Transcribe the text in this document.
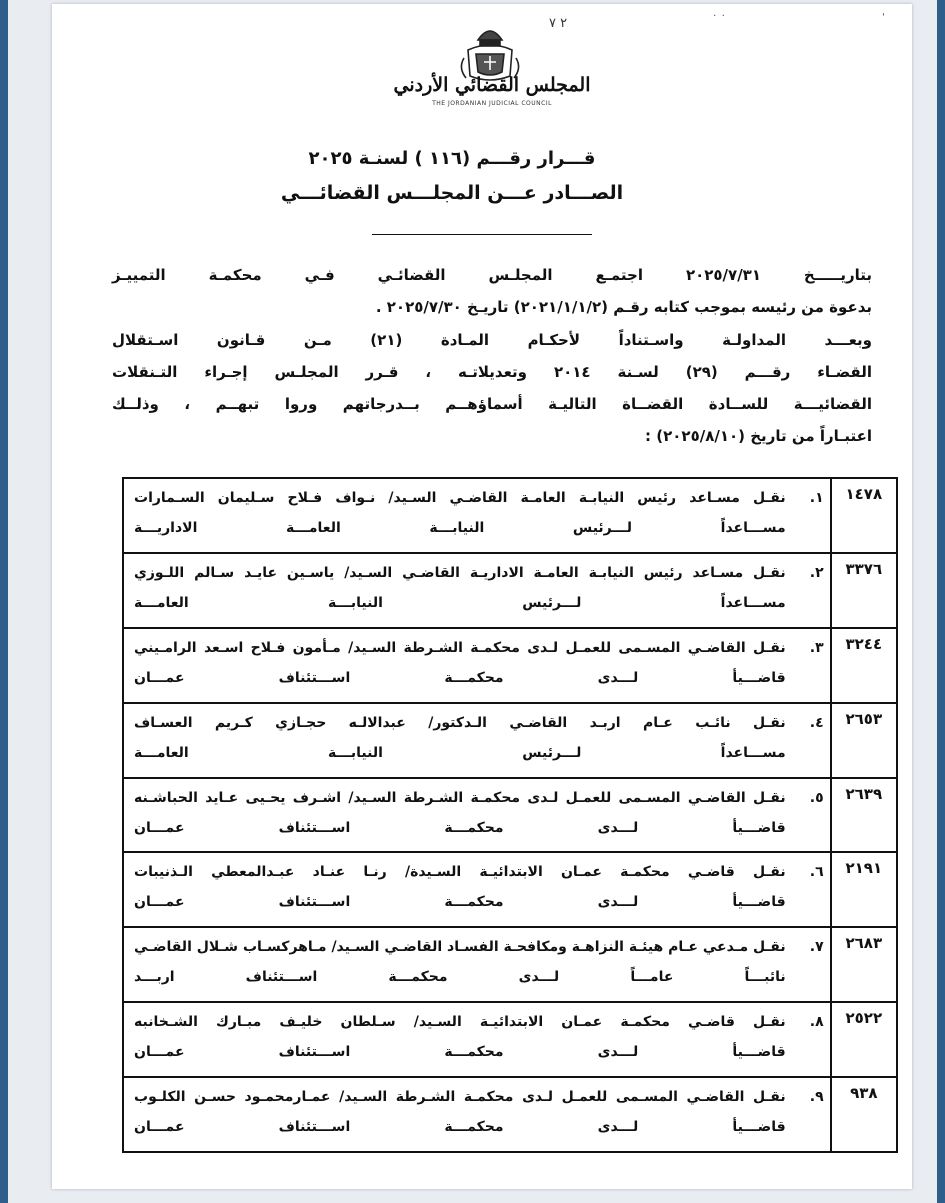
٢ ٧
٠ ٠	'
المجلس القضائي الأردني
THE JORDANIAN JUDICIAL COUNCIL
قـــرار رقـــم (١١٦ ) لسنـة ٢٠٢٥
الصـــادر عـــن المجلـــس القضائـــي
بتاريـــــخ ٢٠٢٥/٧/٣١ اجتمـع المجلـس القضائـي فـي محكمـة التمييـز
بدعوة من رئيسه بموجب كتابه رقـم (٢٠٢١/١/١/٢) تاريـخ ٢٠٢٥/٧/٣٠ .
وبعـــد المداولـة واسـتناداً لأحكـام المـادة (٢١) مـن قـانون اسـتقلال
القضـاء رقـــم (٢٩) لسـنة ٢٠١٤ وتعديلاتـه ، قـرر المجلـس إجـراء التـنقلات
القضائيـــة للســادة القضــاة التاليـة أسماؤهــم بــدرجاتهم وروا تبهــم ، وذلــك
اعتبـاراً من تاريخ (٢٠٢٥/٨/١٠) :
١٤٧٨	١.
نقـل مسـاعد رئيس النيابـة العامـة القاضـي السـيد/ نـواف فـلاح سـليمان السـمارات
مســـاعداً لـــرئيس النيابـــة العامـــة الاداريـــة

٣٣٧٦	٢.
نقـل مسـاعد رئيس النيابـة العامـة الاداريـة القاضـي السـيد/ ياسـين عايـد سـالم اللـوزي
مســـاعداً لـــرئيس النيابـــة العامـــة

٣٢٤٤	٣.
نقـل القاضـي المسـمى للعمـل لـدى محكمـة الشـرطة السـيد/ مـأمون فـلاح اسـعد الرامـيني
قاضـــيأ لـــدى محكمـــة اســـتئناف عمـــان

٢٦٥٣	٤.
نقـل نائـب عـام اربـد القاضـي الـدكتور/ عبدالالـه حجـازي كـريم العسـاف
مســـاعداً لـــرئيس النيابـــة العامـــة

٢٦٣٩	٥.
نقـل القاضـي المسـمى للعمـل لـدى محكمـة الشـرطة السـيد/ اشـرف يحـيى عـايد الحباشـنه
قاضـــيأ لـــدى محكمـــة اســـتئناف عمـــان

٢١٩١	٦.
نقـل قاضـي محكمـة عمـان الابتدائيـة السـيدة/ رنـا عنـاد عبـدالمعطي الـذنيبات
قاضـــيأ لـــدى محكمـــة اســـتئناف عمـــان

٢٦٨٣	٧.
نقـل مـدعي عـام هيئـة النزاهـة ومكافحـة الفسـاد القاضـي السـيد/ مـاهركسـاب شـلال القاضـي
نائبـــاً عامـــاً لـــدى محكمـــة اســـتئناف اربـــد

٢٥٢٢	٨.
نقـل قاضـي محكمـة عمـان الابتدائيـة السـيد/ سـلطان خليـف مبـارك الشـخانبه
قاضـــيأ لـــدى محكمـــة اســـتئناف عمـــان

٩٣٨	٩.
نقـل القاضـي المسـمى للعمـل لـدى محكمـة الشـرطة السـيد/ عمـارمحمـود حسـن الكلـوب
قاضـــيأ لـــدى محكمـــة اســـتئناف عمـــان
